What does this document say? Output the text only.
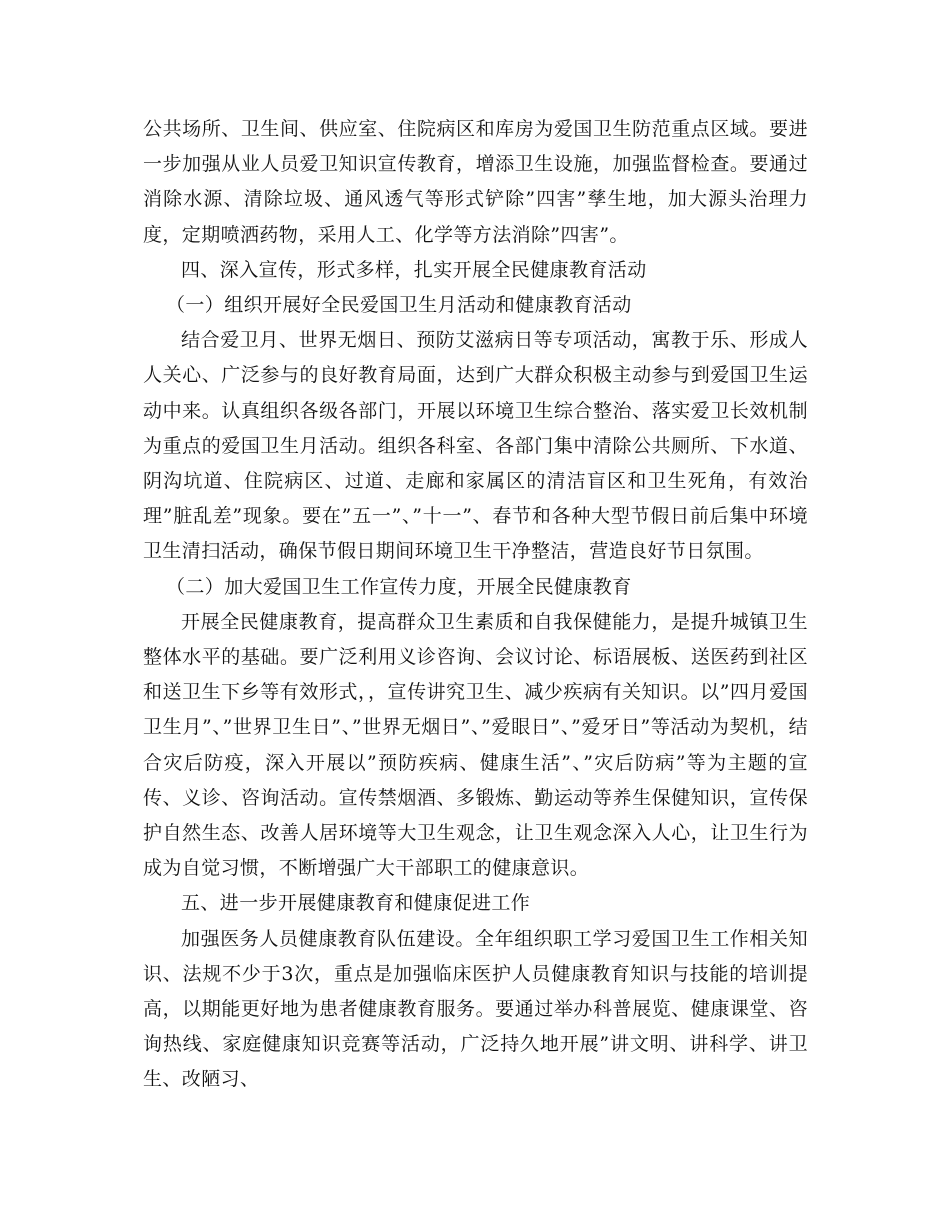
公共场所、卫生间、供应室、住院病区和库房为爱国卫生防范重点区域。要进一步加强从业人员爱卫知识宣传教育，增添卫生设施，加强监督检查。要通过消除水源、清除垃圾、通风透气等形式铲除”四害”孳生地，加大源头治理力度，定期喷洒药物，采用人工、化学等方法消除”四害”。

四、深入宣传，形式多样，扎实开展全民健康教育活动

（一）组织开展好全民爱国卫生月活动和健康教育活动

结合爱卫月、世界无烟日、预防艾滋病日等专项活动，寓教于乐、形成人人关心、广泛参与的良好教育局面，达到广大群众积极主动参与到爱国卫生运动中来。认真组织各级各部门，开展以环境卫生综合整治、落实爱卫长效机制为重点的爱国卫生月活动。组织各科室、各部门集中清除公共厕所、下水道、阴沟坑道、住院病区、过道、走廊和家属区的清洁盲区和卫生死角，有效治理”脏乱差”现象。要在”五一”、”十一”、春节和各种大型节假日前后集中环境卫生清扫活动，确保节假日期间环境卫生干净整洁，营造良好节日氛围。

（二）加大爱国卫生工作宣传力度，开展全民健康教育

开展全民健康教育，提高群众卫生素质和自我保健能力，是提升城镇卫生整体水平的基础。要广泛利用义诊咨询、会议讨论、标语展板、送医药到社区和送卫生下乡等有效形式，，宣传讲究卫生、减少疾病有关知识。以”四月爱国卫生月”、”世界卫生日”、”世界无烟日”、”爱眼日”、”爱牙日”等活动为契机，结合灾后防疫，深入开展以”预防疾病、健康生活”、”灾后防病”等为主题的宣传、义诊、咨询活动。宣传禁烟酒、多锻炼、勤运动等养生保健知识，宣传保护自然生态、改善人居环境等大卫生观念，让卫生观念深入人心，让卫生行为成为自觉习惯，不断增强广大干部职工的健康意识。

五、进一步开展健康教育和健康促进工作

加强医务人员健康教育队伍建设。全年组织职工学习爱国卫生工作相关知识、法规不少于3次，重点是加强临床医护人员健康教育知识与技能的培训提高，以期能更好地为患者健康教育服务。要通过举办科普展览、健康课堂、咨询热线、家庭健康知识竞赛等活动，广泛持久地开展”讲文明、讲科学、讲卫生、改陋习、
